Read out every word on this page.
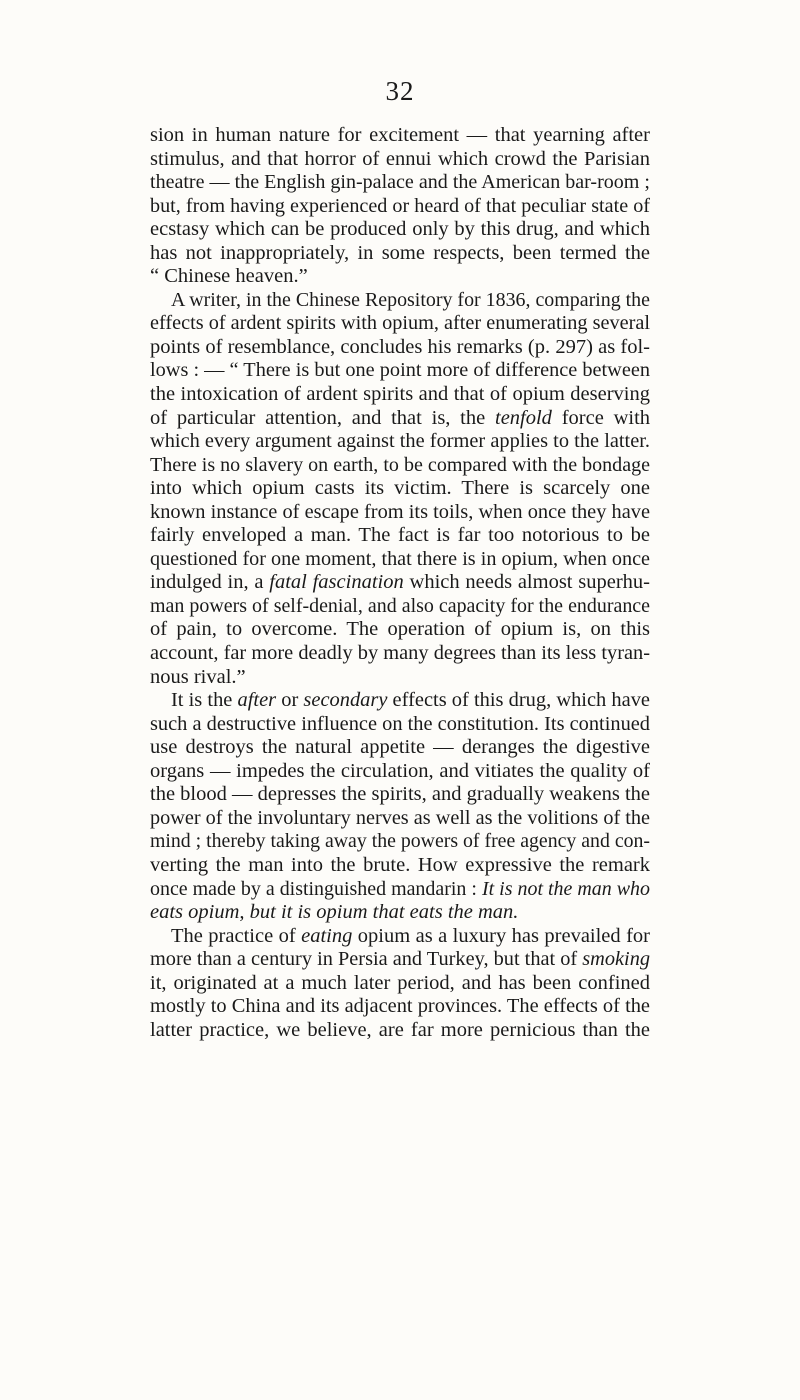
32
sion in human nature for excitement — that yearning after
stimulus, and that horror of ennui which crowd the Parisian
theatre — the English gin-palace and the American bar-room ;
but, from having experienced or heard of that peculiar state of
ecstasy which can be produced only by this drug, and which
has not inappropriately, in some respects, been termed the
“ Chinese heaven.”
A writer, in the Chinese Repository for 1836, comparing the
effects of ardent spirits with opium, after enumerating several
points of resemblance, concludes his remarks (p. 297) as fol-
lows : — “ There is but one point more of difference between
the intoxication of ardent spirits and that of opium deserving
of particular attention, and that is, the tenfold force with
which every argument against the former applies to the latter.
There is no slavery on earth, to be compared with the bondage
into which opium casts its victim. There is scarcely one
known instance of escape from its toils, when once they have
fairly enveloped a man. The fact is far too notorious to be
questioned for one moment, that there is in opium, when once
indulged in, a fatal fascination which needs almost superhu-
man powers of self-denial, and also capacity for the endurance
of pain, to overcome. The operation of opium is, on this
account, far more deadly by many degrees than its less tyran-
nous rival.”
It is the after or secondary effects of this drug, which have
such a destructive influence on the constitution. Its continued
use destroys the natural appetite — deranges the digestive
organs — impedes the circulation, and vitiates the quality of
the blood — depresses the spirits, and gradually weakens the
power of the involuntary nerves as well as the volitions of the
mind ; thereby taking away the powers of free agency and con-
verting the man into the brute. How expressive the remark
once made by a distinguished mandarin : It is not the man who
eats opium, but it is opium that eats the man.
The practice of eating opium as a luxury has prevailed for
more than a century in Persia and Turkey, but that of smoking
it, originated at a much later period, and has been confined
mostly to China and its adjacent provinces. The effects of the
latter practice, we believe, are far more pernicious than the
